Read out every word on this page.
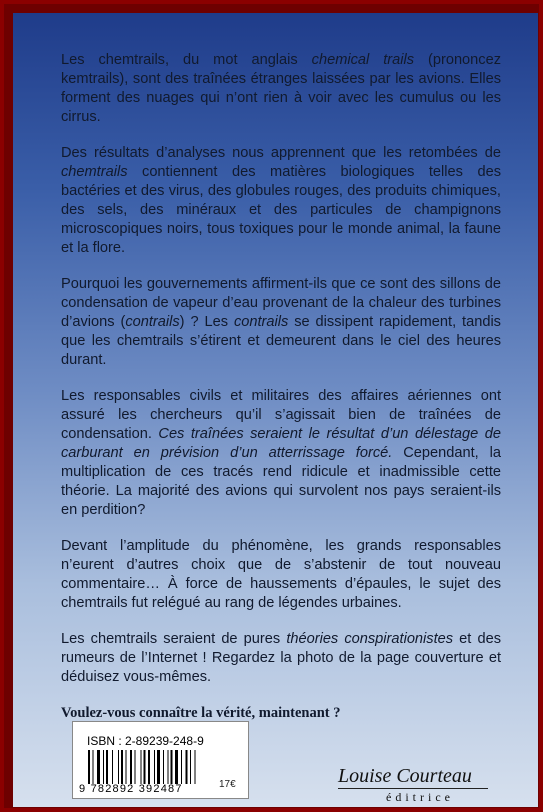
Les chemtrails, du mot anglais chemical trails (prononcez kemtrails), sont des traînées étranges laissées par les avions. Elles forment des nuages qui n’ont rien à voir avec les cumulus ou les cirrus.

Des résultats d’analyses nous apprennent que les retombées de chemtrails contiennent des matières biologiques telles des bactéries et des virus, des globules rouges, des produits chimiques, des sels, des minéraux et des particules de champignons microscopiques noirs, tous toxiques pour le monde animal, la faune et la flore.

Pourquoi les gouvernements affirment-ils que ce sont des sillons de condensation de vapeur d’eau provenant de la chaleur des turbines d’avions (contrails) ? Les contrails se dissipent rapidement, tandis que les chemtrails s’étirent et demeurent dans le ciel des heures durant.

Les responsables civils et militaires des affaires aériennes ont assuré les chercheurs qu’il s’agissait bien de traînées de condensation. Ces traînées seraient le résultat d’un délestage de carburant en prévision d’un atterrissage forcé. Cependant, la multiplication de ces tracés rend ridicule et inadmissible cette théorie. La majorité des avions qui survolent nos pays seraient-ils en perdition?

Devant l’amplitude du phénomène, les grands responsables n’eurent d’autres choix que de s’abstenir de tout nouveau commentaire… À force de haussements d’épaules, le sujet des chemtrails fut relégué au rang de légendes urbaines.

Les chemtrails seraient de pures théories conspirationistes et des rumeurs de l’Internet ! Regardez la photo de la page couverture et déduisez vous-mêmes.

Voulez-vous connaître la vérité, maintenant ?

ISBN : 2-89239-248-9
9 782892 392487	17€	Louise Courteau
éditrice
